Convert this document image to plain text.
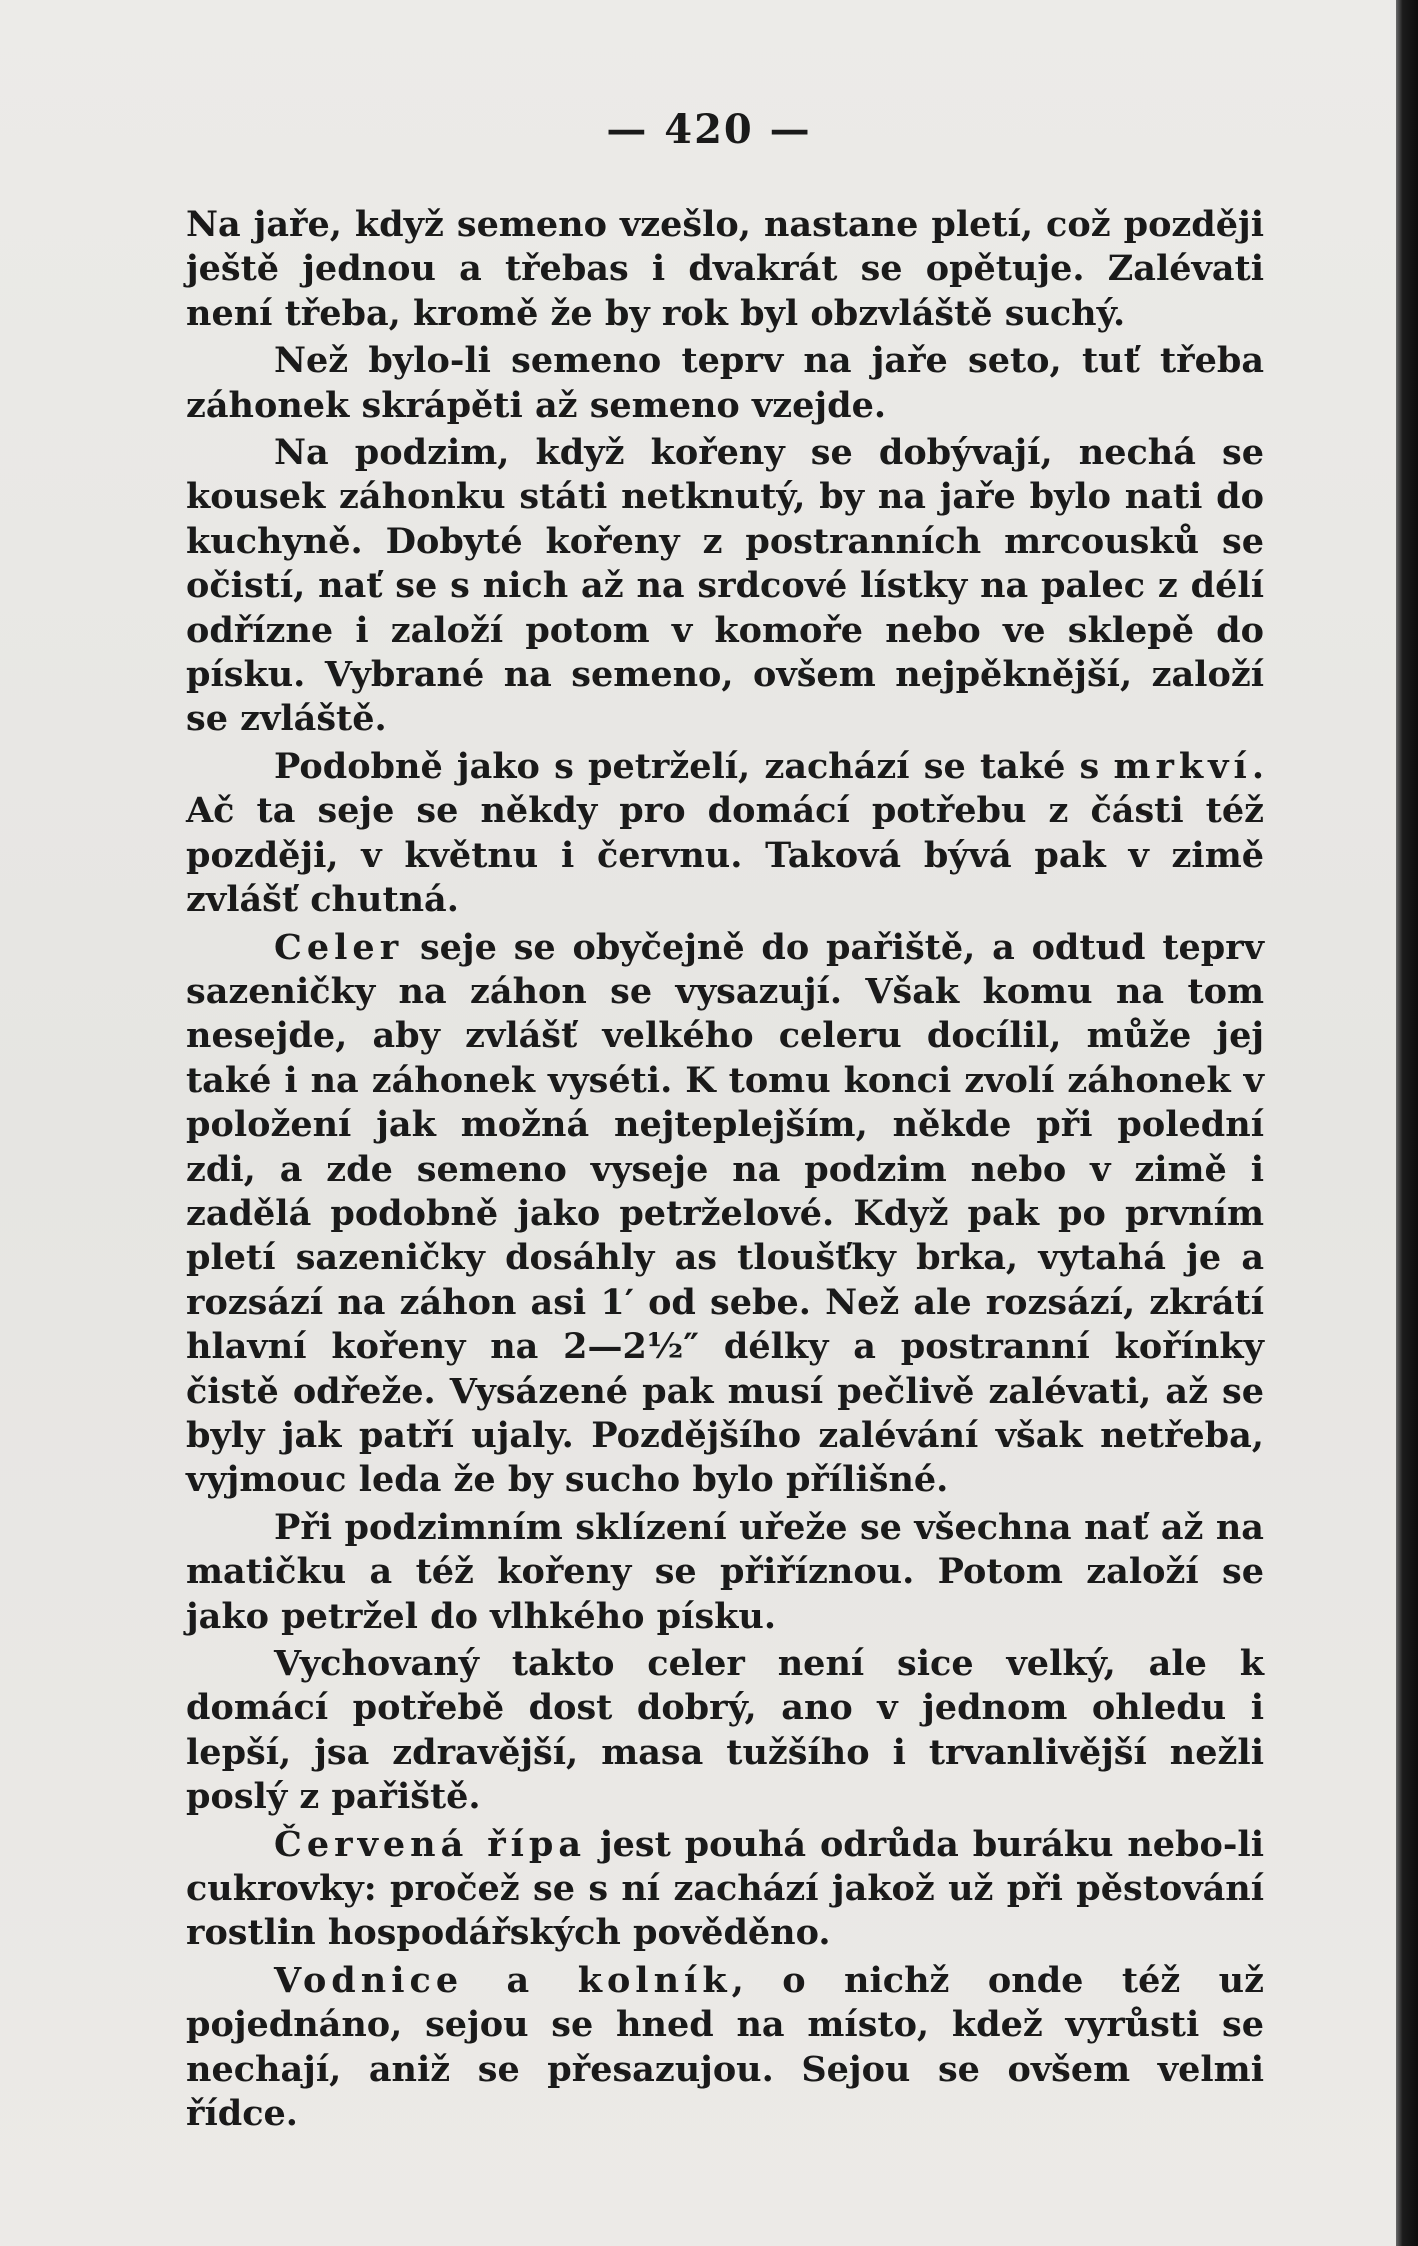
— 420 —

Na jaře, když semeno vzešlo, nastane pletí, což později ještě jednou a třebas i dvakrát se opětuje. Zalévati není třeba, kromě že by rok byl obzvláště suchý.

Než bylo-li semeno teprv na jaře seto, tuť třeba záhonek skrápěti až semeno vzejde.

Na podzim, když kořeny se dobývají, nechá se kousek záhonku státi netknutý, by na jaře bylo nati do kuchyně. Dobyté kořeny z postranních mrcousků se očistí, nať se s nich až na srdcové lístky na palec z délí odřízne i založí potom v komoře nebo ve sklepě do písku. Vybrané na semeno, ovšem nejpěknější, založí se zvláště.

Podobně jako s petrželí, zachází se také s mrkví. Ač ta seje se někdy pro domácí potřebu z části též později, v květnu i červnu. Taková bývá pak v zimě zvlášť chutná.

Celer seje se obyčejně do pařiště, a odtud teprv sazeničky na záhon se vysazují. Však komu na tom nesejde, aby zvlášť velkého celeru docílil, může jej také i na záhonek vyséti. K tomu konci zvolí záhonek v položení jak možná nejteplejším, někde při polední zdi, a zde semeno vyseje na podzim nebo v zimě i zadělá podobně jako petrželové. Když pak po prvním pletí sazeničky dosáhly as tloušťky brka, vytahá je a rozsází na záhon asi 1′ od sebe. Než ale rozsází, zkrátí hlavní kořeny na 2—2½″ délky a postranní kořínky čistě odřeže. Vysázené pak musí pečlivě zalévati, až se byly jak patří ujaly. Pozdějšího zalévání však netřeba, vyjmouc leda že by sucho bylo přílišné.

Při podzimním sklízení uřeže se všechna nať až na matičku a též kořeny se přiříznou. Potom založí se jako petržel do vlhkého písku.

Vychovaný takto celer není sice velký, ale k domácí potřebě dost dobrý, ano v jednom ohledu i lepší, jsa zdravější, masa tužšího i trvanlivější nežli poslý z pařiště.

Červená řípa jest pouhá odrůda buráku nebo-li cukrovky: pročež se s ní zachází jakož už při pěstování rostlin hospodářských pověděno.

Vodnice a kolník, o nichž onde též už pojednáno, sejou se hned na místo, kdež vyrůsti se nechají, aniž se přesazujou. Sejou se ovšem velmi řídce.
